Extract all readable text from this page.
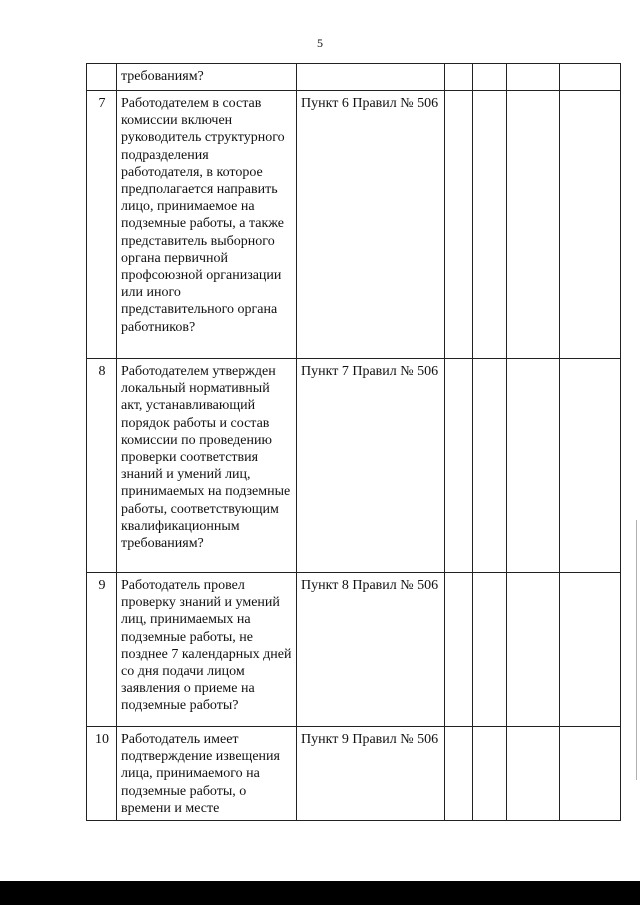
5
	требованиям?					
7	Работодателем в состав комиссии включен руководитель структурного подразделения работодателя, в которое предполагается направить лицо, принимаемое на подземные работы, а также представитель выборного органа первичной профсоюзной организации или иного представительного органа работников?	Пункт 6 Правил № 506				
8	Работодателем утвержден локальный нормативный акт, устанавливающий порядок работы и состав комиссии по проведению проверки соответствия знаний и умений лиц, принимаемых на подземные работы, соответствующим квалификационным требованиям?	Пункт 7 Правил № 506				
9	Работодатель провел проверку знаний и умений лиц, принимаемых на подземные работы, не позднее 7 календарных дней со дня подачи лицом заявления о приеме на подземные работы?	Пункт 8 Правил № 506				
10	Работодатель имеет подтверждение извещения лица, принимаемого на подземные работы, о времени и месте	Пункт 9 Правил № 506				
